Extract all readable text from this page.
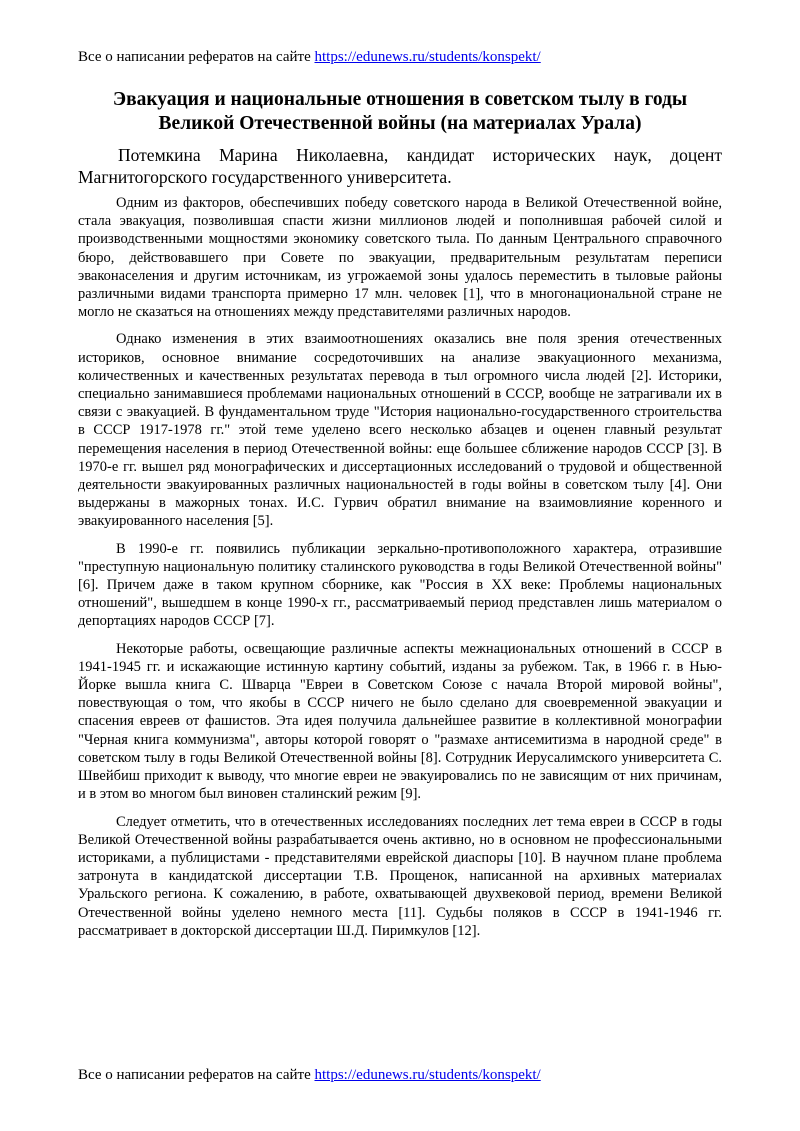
Все о написании рефератов на сайте https://edunews.ru/students/konspekt/
Эвакуация и национальные отношения в советском тылу в годы Великой Отечественной войны (на материалах Урала)

Потемкина Марина Николаевна, кандидат исторических наук, доцент Магнитогорского государственного университета.

Одним из факторов, обеспечивших победу советского народа в Великой Отечественной войне, стала эвакуация, позволившая спасти жизни миллионов людей и пополнившая рабочей силой и производственными мощностями экономику советского тыла. По данным Центрального справочного бюро, действовавшего при Совете по эвакуации, предварительным результатам переписи эваконаселения и другим источникам, из угрожаемой зоны удалось переместить в тыловые районы различными видами транспорта примерно 17 млн. человек [1], что в многонациональной стране не могло не сказаться на отношениях между представителями различных народов.

Однако изменения в этих взаимоотношениях оказались вне поля зрения отечественных историков, основное внимание сосредоточивших на анализе эвакуационного механизма, количественных и качественных результатах перевода в тыл огромного числа людей [2]. Историки, специально занимавшиеся проблемами национальных отношений в СССР, вообще не затрагивали их в связи с эвакуацией. В фундаментальном труде "История национально-государственного строительства в СССР 1917-1978 гг." этой теме уделено всего несколько абзацев и оценен главный результат перемещения населения в период Отечественной войны: еще большее сближение народов СССР [3]. В 1970-е гг. вышел ряд монографических и диссертационных исследований о трудовой и общественной деятельности эвакуированных различных национальностей в годы войны в советском тылу [4]. Они выдержаны в мажорных тонах. И.С. Гурвич обратил внимание на взаимовлияние коренного и эвакуированного населения [5].

В 1990-е гг. появились публикации зеркально-противоположного характера, отразившие "преступную национальную политику сталинского руководства в годы Великой Отечественной войны" [6]. Причем даже в таком крупном сборнике, как "Россия в XX веке: Проблемы национальных отношений", вышедшем в конце 1990-х гг., рассматриваемый период представлен лишь материалом о депортациях народов СССР [7].

Некоторые работы, освещающие различные аспекты межнациональных отношений в СССР в 1941-1945 гг. и искажающие истинную картину событий, изданы за рубежом. Так, в 1966 г. в Нью-Йорке вышла книга С. Шварца "Евреи в Советском Союзе с начала Второй мировой войны", повествующая о том, что якобы в СССР ничего не было сделано для своевременной эвакуации и спасения евреев от фашистов. Эта идея получила дальнейшее развитие в коллективной монографии "Черная книга коммунизма", авторы которой говорят о "размахе антисемитизма в народной среде" в советском тылу в годы Великой Отечественной войны [8]. Сотрудник Иерусалимского университета С. Швейбиш приходит к выводу, что многие евреи не эвакуировались по не зависящим от них причинам, и в этом во многом был виновен сталинский режим [9].

Следует отметить, что в отечественных исследованиях последних лет тема евреи в СССР в годы Великой Отечественной войны разрабатывается очень активно, но в основном не профессиональными историками, а публицистами - представителями еврейской диаспоры [10]. В научном плане проблема затронута в кандидатской диссертации Т.В. Прощенок, написанной на архивных материалах Уральского региона. К сожалению, в работе, охватывающей двухвековой период, времени Великой Отечественной войны уделено немного места [11]. Судьбы поляков в СССР в 1941-1946 гг. рассматривает в докторской диссертации Ш.Д. Пиримкулов [12].

Все о написании рефератов на сайте https://edunews.ru/students/konspekt/
